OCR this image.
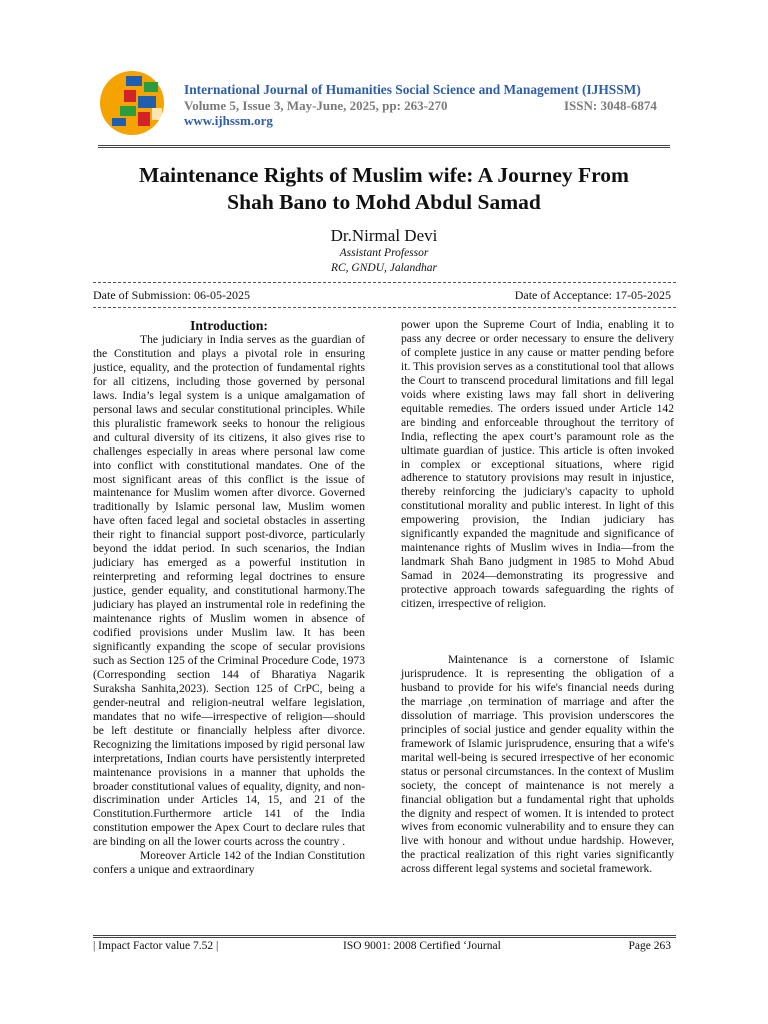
International Journal of Humanities Social Science and Management (IJHSSM)
Volume 5, Issue 3, May-June, 2025, pp: 263-270	ISSN: 3048-6874
www.ijhssm.org
Maintenance Rights of Muslim wife: A Journey From
Shah Bano to Mohd Abdul Samad
Dr.Nirmal Devi
Assistant Professor
RC, GNDU, Jalandhar
Date of Submission: 06-05-2025	Date of Acceptance: 17-05-2025
Introduction:

The judiciary in India serves as the guardian of the Constitution and plays a pivotal role in ensuring justice, equality, and the protection of fundamental rights for all citizens, including those governed by personal laws. India’s legal system is a unique amalgamation of personal laws and secular constitutional principles. While this pluralistic framework seeks to honour the religious and cultural diversity of its citizens, it also gives rise to challenges especially in areas where personal law come into conflict with constitutional mandates. One of the most significant areas of this conflict is the issue of maintenance for Muslim women after divorce. Governed traditionally by Islamic personal law, Muslim women have often faced legal and societal obstacles in asserting their right to financial support post-divorce, particularly beyond the iddat period. In such scenarios, the Indian judiciary has emerged as a powerful institution in reinterpreting and reforming legal doctrines to ensure justice, gender equality, and constitutional harmony.The judiciary has played an instrumental role in redefining the maintenance rights of Muslim women in absence of codified provisions under Muslim law. It has been significantly expanding the scope of secular provisions such as Section 125 of the Criminal Procedure Code, 1973 (Corresponding section 144 of Bharatiya Nagarik Suraksha Sanhita,2023). Section 125 of CrPC, being a gender-neutral and religion-neutral welfare legislation, mandates that no wife—irrespective of religion—should be left destitute or financially helpless after divorce. Recognizing the limitations imposed by rigid personal law interpretations, Indian courts have persistently interpreted maintenance provisions in a manner that upholds the broader constitutional values of equality, dignity, and non-discrimination under Articles 14, 15, and 21 of the Constitution.Furthermore article 141 of the India constitution empower the Apex Court to declare rules that are binding on all the lower courts across the country .

Moreover Article 142 of the Indian Constitution confers a unique and extraordinary

power upon the Supreme Court of India, enabling it to pass any decree or order necessary to ensure the delivery of complete justice in any cause or matter pending before it. This provision serves as a constitutional tool that allows the Court to transcend procedural limitations and fill legal voids where existing laws may fall short in delivering equitable remedies. The orders issued under Article 142 are binding and enforceable throughout the territory of India, reflecting the apex court’s paramount role as the ultimate guardian of justice. This article is often invoked in complex or exceptional situations, where rigid adherence to statutory provisions may result in injustice, thereby reinforcing the judiciary's capacity to uphold constitutional morality and public interest. In light of this empowering provision, the Indian judiciary has significantly expanded the magnitude and significance of maintenance rights of Muslim wives in India—from the landmark Shah Bano judgment in 1985 to Mohd Abud Samad in 2024—demonstrating its progressive and protective approach towards safeguarding the rights of citizen, irrespective of religion.

Maintenance is a cornerstone of Islamic jurisprudence. It is representing the obligation of a husband to provide for his wife's financial needs during the marriage ,on termination of marriage and after the dissolution of marriage. This provision underscores the principles of social justice and gender equality within the framework of Islamic jurisprudence, ensuring that a wife's marital well-being is secured irrespective of her economic status or personal circumstances. In the context of Muslim society, the concept of maintenance is not merely a financial obligation but a fundamental right that upholds the dignity and respect of women. It is intended to protect wives from economic vulnerability and to ensure they can live with honour and without undue hardship. However, the practical realization of this right varies significantly across different legal systems and societal framework.

| Impact Factor value 7.52 |	ISO 9001: 2008 Certified ‘Journal	Page 263
